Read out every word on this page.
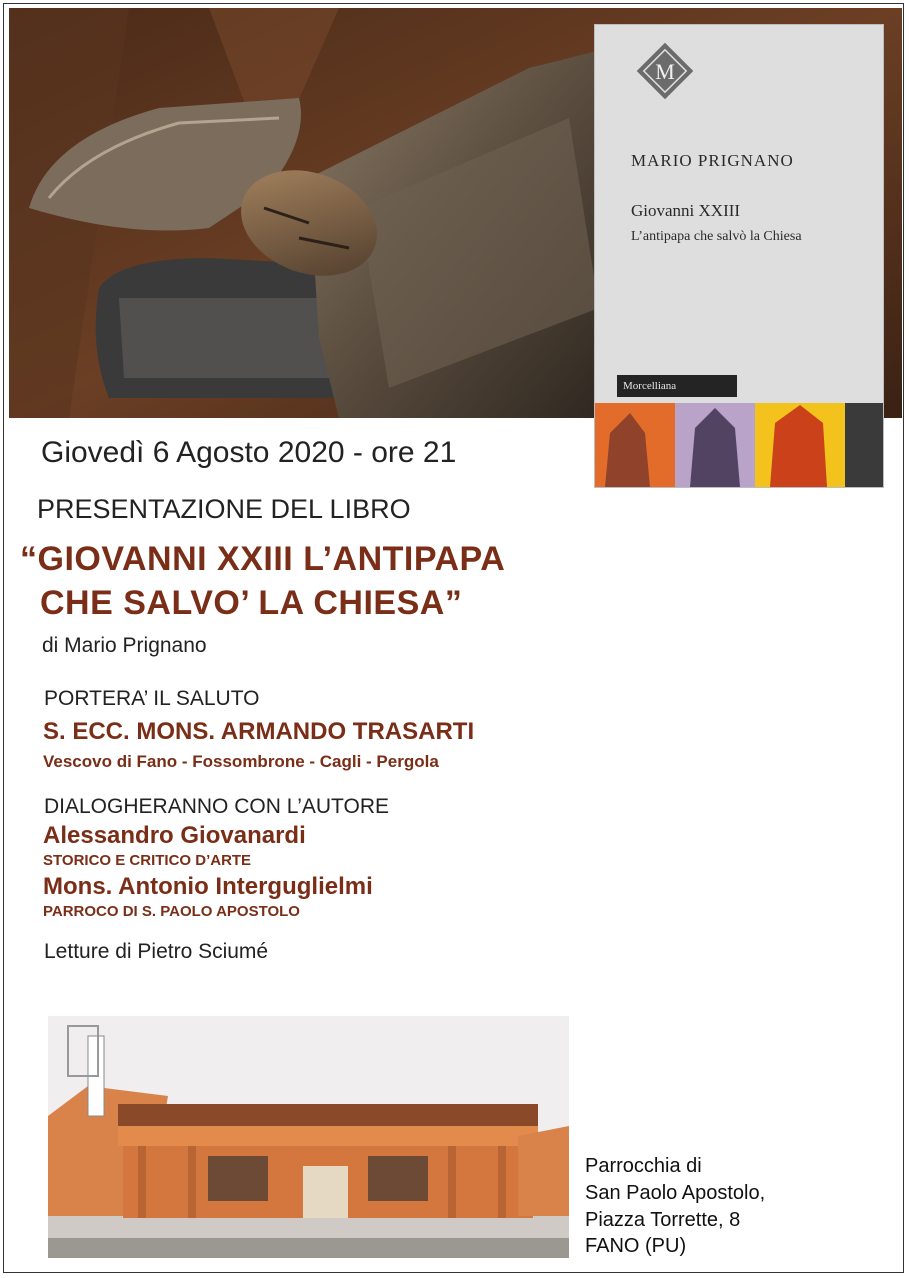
M
MARIO PRIGNANO
Giovanni XXIII
L’antipapa che salvò la Chiesa
Morcelliana
Giovedì 6 Agosto 2020 - ore 21
PRESENTAZIONE DEL LIBRO
“GIOVANNI XXIII L’ANTIPAPA
CHE SALVO’ LA CHIESA”
di Mario Prignano
PORTERA’ IL SALUTO
S. ECC. MONS. ARMANDO TRASARTI
Vescovo di Fano - Fossombrone - Cagli - Pergola
DIALOGHERANNO CON L’AUTORE
Alessandro Giovanardi
STORICO E CRITICO D’ARTE
Mons. Antonio Interguglielmi
PARROCO DI S. PAOLO APOSTOLO
Letture di Pietro Sciumé
Parrocchia di
San Paolo Apostolo,
Piazza Torrette, 8
FANO (PU)
